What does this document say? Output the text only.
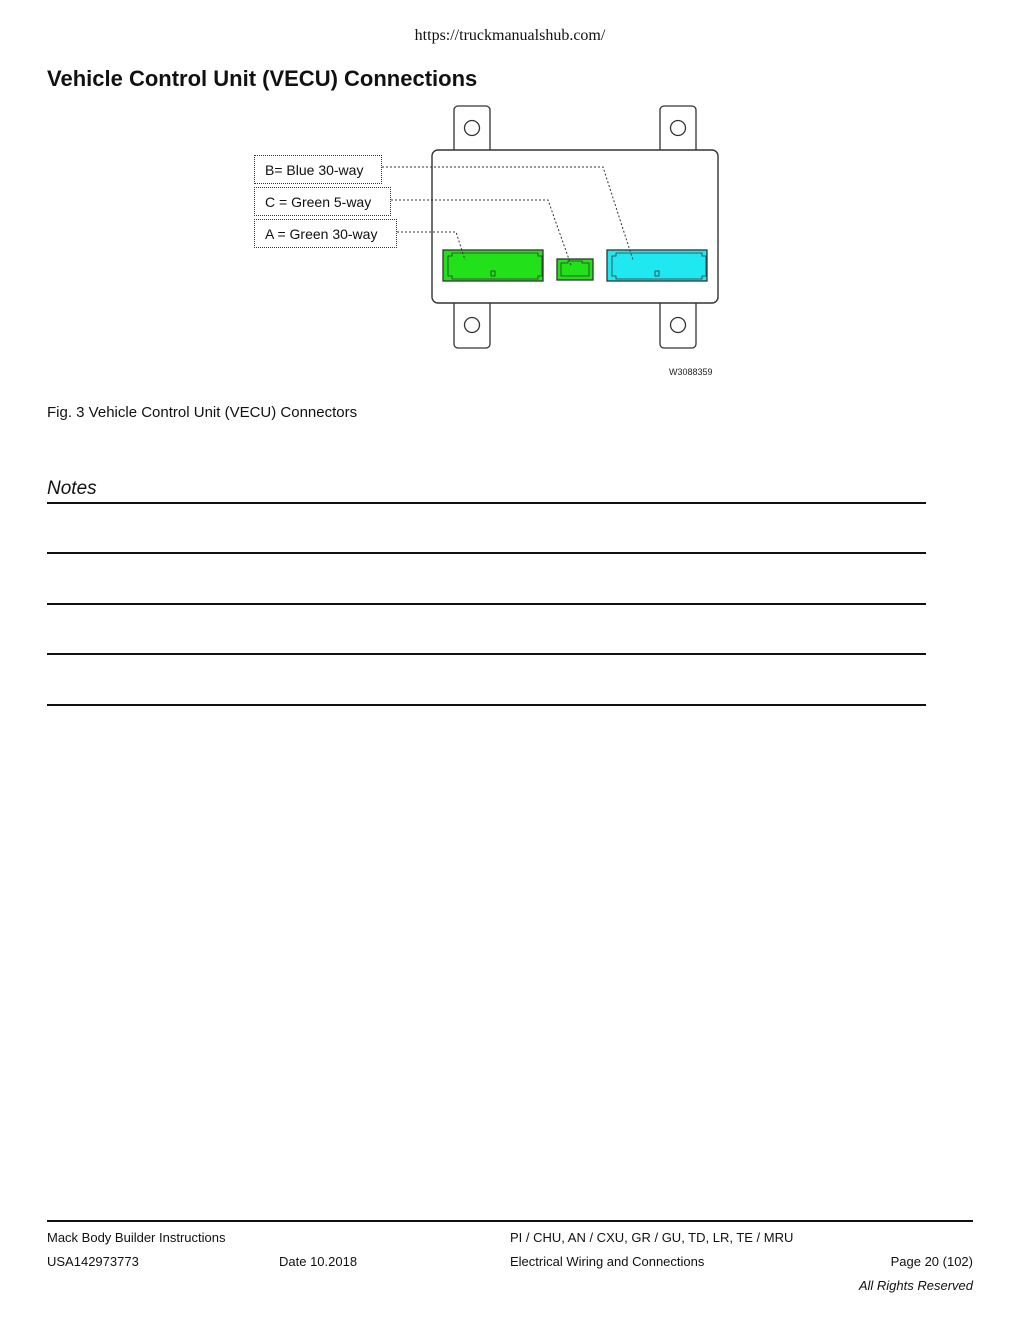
https://truckmanualshub.com/
Vehicle Control Unit (VECU) Connections
B= Blue 30-way
C = Green 5-way
A = Green 30-way
W3088359
Fig. 3 Vehicle Control Unit (VECU) Connectors
Notes
Mack Body Builder Instructions	PI / CHU, AN / CXU, GR / GU, TD, LR, TE / MRU
USA142973773	Date 10.2018	Electrical Wiring and Connections	Page 20 (102)
All Rights Reserved
